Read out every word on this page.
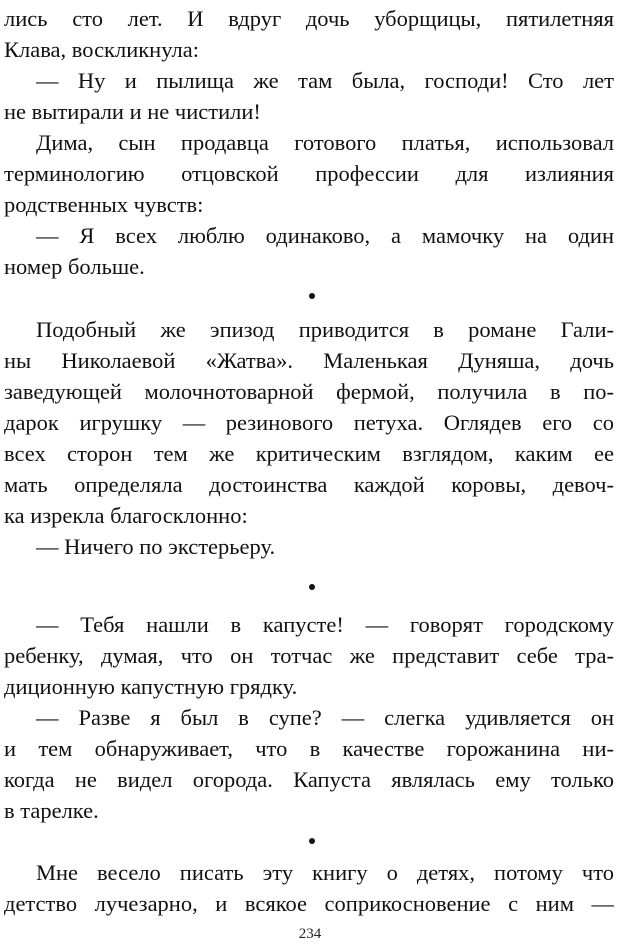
лись сто лет. И вдруг дочь уборщицы, пятилетняя
Клава, воскликнула:
— Ну и пылища же там была, господи! Сто лет
не вытирали и не чистили!
Дима, сын продавца готового платья, использовал
терминологию отцовской профессии для излияния
родственных чувств:
— Я всех люблю одинаково, а мамочку на один
номер больше.
Подобный же эпизод приводится в романе Гали-
ны Николаевой «Жатва». Маленькая Дуняша, дочь
заведующей молочнотоварной фермой, получила в по-
дарок игрушку — резинового петуха. Оглядев его со
всех сторон тем же критическим взглядом, каким ее
мать определяла достоинства каждой коровы, девоч-
ка изрекла благосклонно:
— Ничего по экстерьеру.
— Тебя нашли в капусте! — говорят городскому
ребенку, думая, что он тотчас же представит себе тра-
диционную капустную грядку.
— Разве я был в супе? — слегка удивляется он
и тем обнаруживает, что в качестве горожанина ни-
когда не видел огорода. Капуста являлась ему только
в тарелке.
Мне весело писать эту книгу о детях, потому что
детство лучезарно, и всякое соприкосновение с ним —
234
